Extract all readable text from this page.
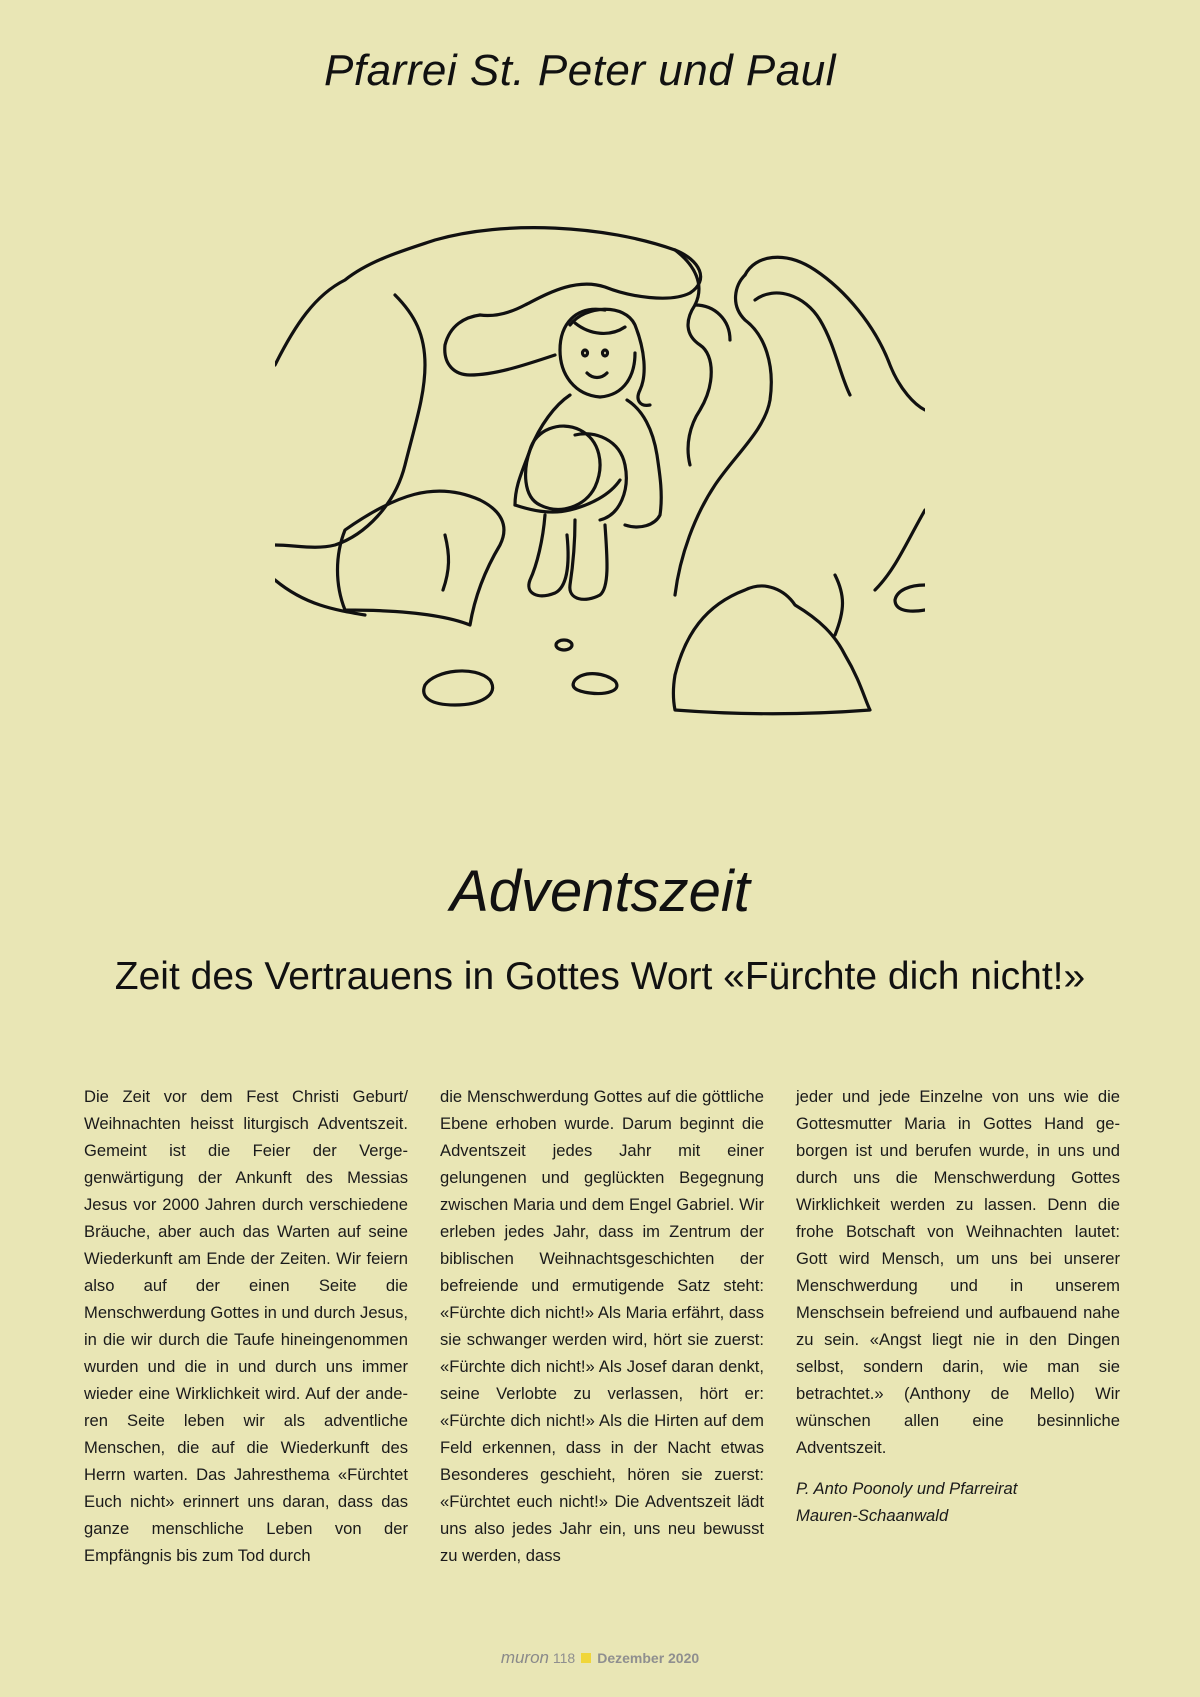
Pfarrei St. Peter und Paul
Adventszeit
Zeit des Vertrauens in Gottes Wort «Fürchte dich nicht!»
Die Zeit vor dem Fest Christi Geburt/ Weihnachten heisst liturgisch Adventszeit. Gemeint ist die Feier der Vergegenwärtigung der Ankunft des Messias Jesus vor 2000 Jahren durch verschiedene Bräuche, aber auch das Warten auf seine Wiederkunft am Ende der Zeiten. Wir feiern also auf der einen Seite die Menschwerdung Gottes in und durch Jesus, in die wir durch die Taufe hineingenommen wurden und die in und durch uns immer wieder eine Wirklichkeit wird. Auf der anderen Seite leben wir als adventliche Menschen, die auf die Wiederkunft des Herrn warten. Das Jahresthema «Fürchtet Euch nicht» erinnert uns daran, dass das ganze menschliche Leben von der Empfängnis bis zum Tod durch
die Menschwerdung Gottes auf die göttliche Ebene erhoben wurde. Darum beginnt die Adventszeit jedes Jahr mit einer gelungenen und geglückten Begegnung zwischen Maria und dem Engel Gabriel. Wir erleben jedes Jahr, dass im Zentrum der biblischen Weihnachtsgeschichten der befreiende und ermutigende Satz steht: «Fürchte dich nicht!» Als Maria erfährt, dass sie schwanger werden wird, hört sie zuerst: «Fürchte dich nicht!» Als Josef daran denkt, seine Verlobte zu verlassen, hört er: «Fürchte dich nicht!» Als die Hirten auf dem Feld erkennen, dass in der Nacht etwas Besonderes geschieht, hören sie zuerst: «Fürchtet euch nicht!» Die Adventszeit lädt uns also jedes Jahr ein, uns neu bewusst zu werden, dass
jeder und jede Einzelne von uns wie die Gottesmutter Maria in Gottes Hand geborgen ist und berufen wurde, in uns und durch uns die Menschwerdung Gottes Wirklichkeit werden zu lassen. Denn die frohe Botschaft von Weihnachten lautet: Gott wird Mensch, um uns bei unserer Menschwerdung und in unserem Menschsein befreiend und aufbauend nahe zu sein. «Angst liegt nie in den Dingen selbst, sondern darin, wie man sie betrachtet.» (Anthony de Mello) Wir wünschen allen eine besinnliche Adventszeit.
P. Anto Poonoly und Pfarreirat
Mauren-Schaanwald
muron 118 Dezember 2020
